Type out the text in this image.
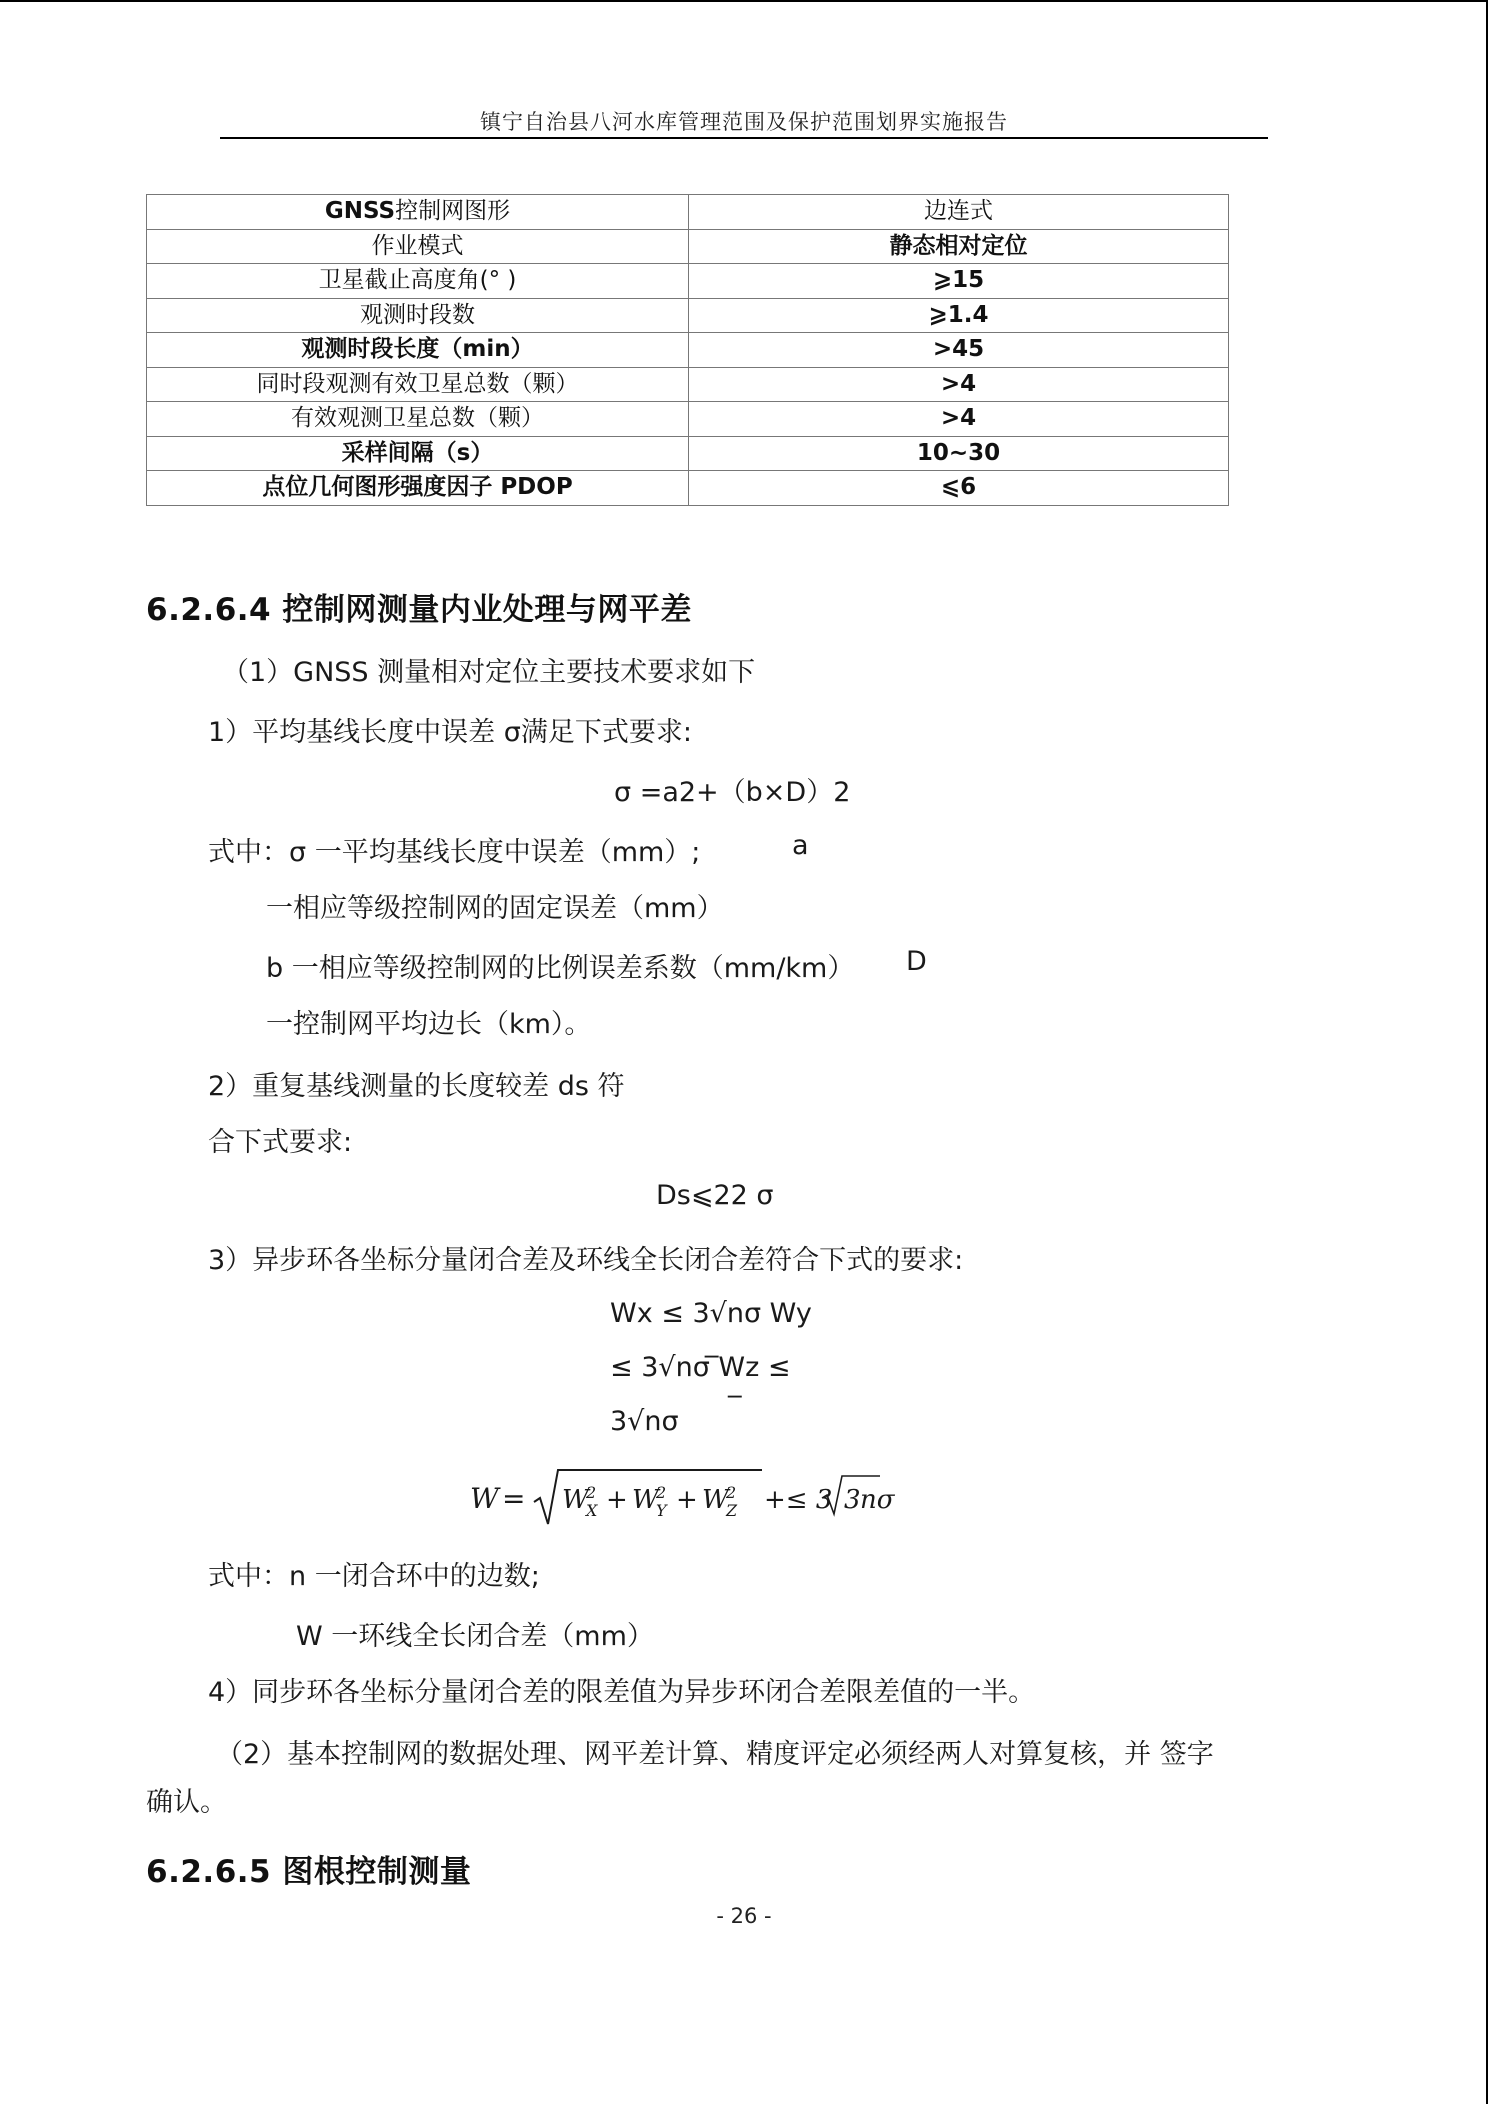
镇宁自治县八河水库管理范围及保护范围划界实施报告
GNSS控制网图形	边连式
作业模式	静态相对定位
卫星截止高度角(° )	⩾15
观测时段数	⩾1.4
观测时段长度（min）	>45
同时段观测有效卫星总数（颗）	>4
有效观测卫星总数（颗）	>4
采样间隔（s）	10~30
点位几何图形强度因子 PDOP	⩽6
6.2.6.4 控制网测量内业处理与网平差
（1）GNSS 测量相对定位主要技术要求如下
1）平均基线长度中误差 σ满足下式要求:
σ =a2+（b×D）2
式中：σ 一平均基线长度中误差（mm）;	a
一相应等级控制网的固定误差（mm）
b 一相应等级控制网的比例误差系数（mm/km） D
一控制网平均边长（km）。
2）重复基线测量的长度较差 ds 符
合下式要求:
Ds⩽22 σ
3）异步环各坐标分量闭合差及环线全长闭合差符合下式的要求:
Wx ≤ 3√nσ Wy
≤ 3√nσ ̅Wz ≤
3√nσ ‾
W = W
2
X + W
2
Y + W
2
Z +≤ 3 3 nσ
式中：n 一闭合环中的边数;
W 一环线全长闭合差（mm）
4）同步环各坐标分量闭合差的限差值为异步环闭合差限差值的一半。
（2）基本控制网的数据处理、网平差计算、精度评定必须经两人对算复核，并 签字
确认。
6.2.6.5 图根控制测量
- 26 -
